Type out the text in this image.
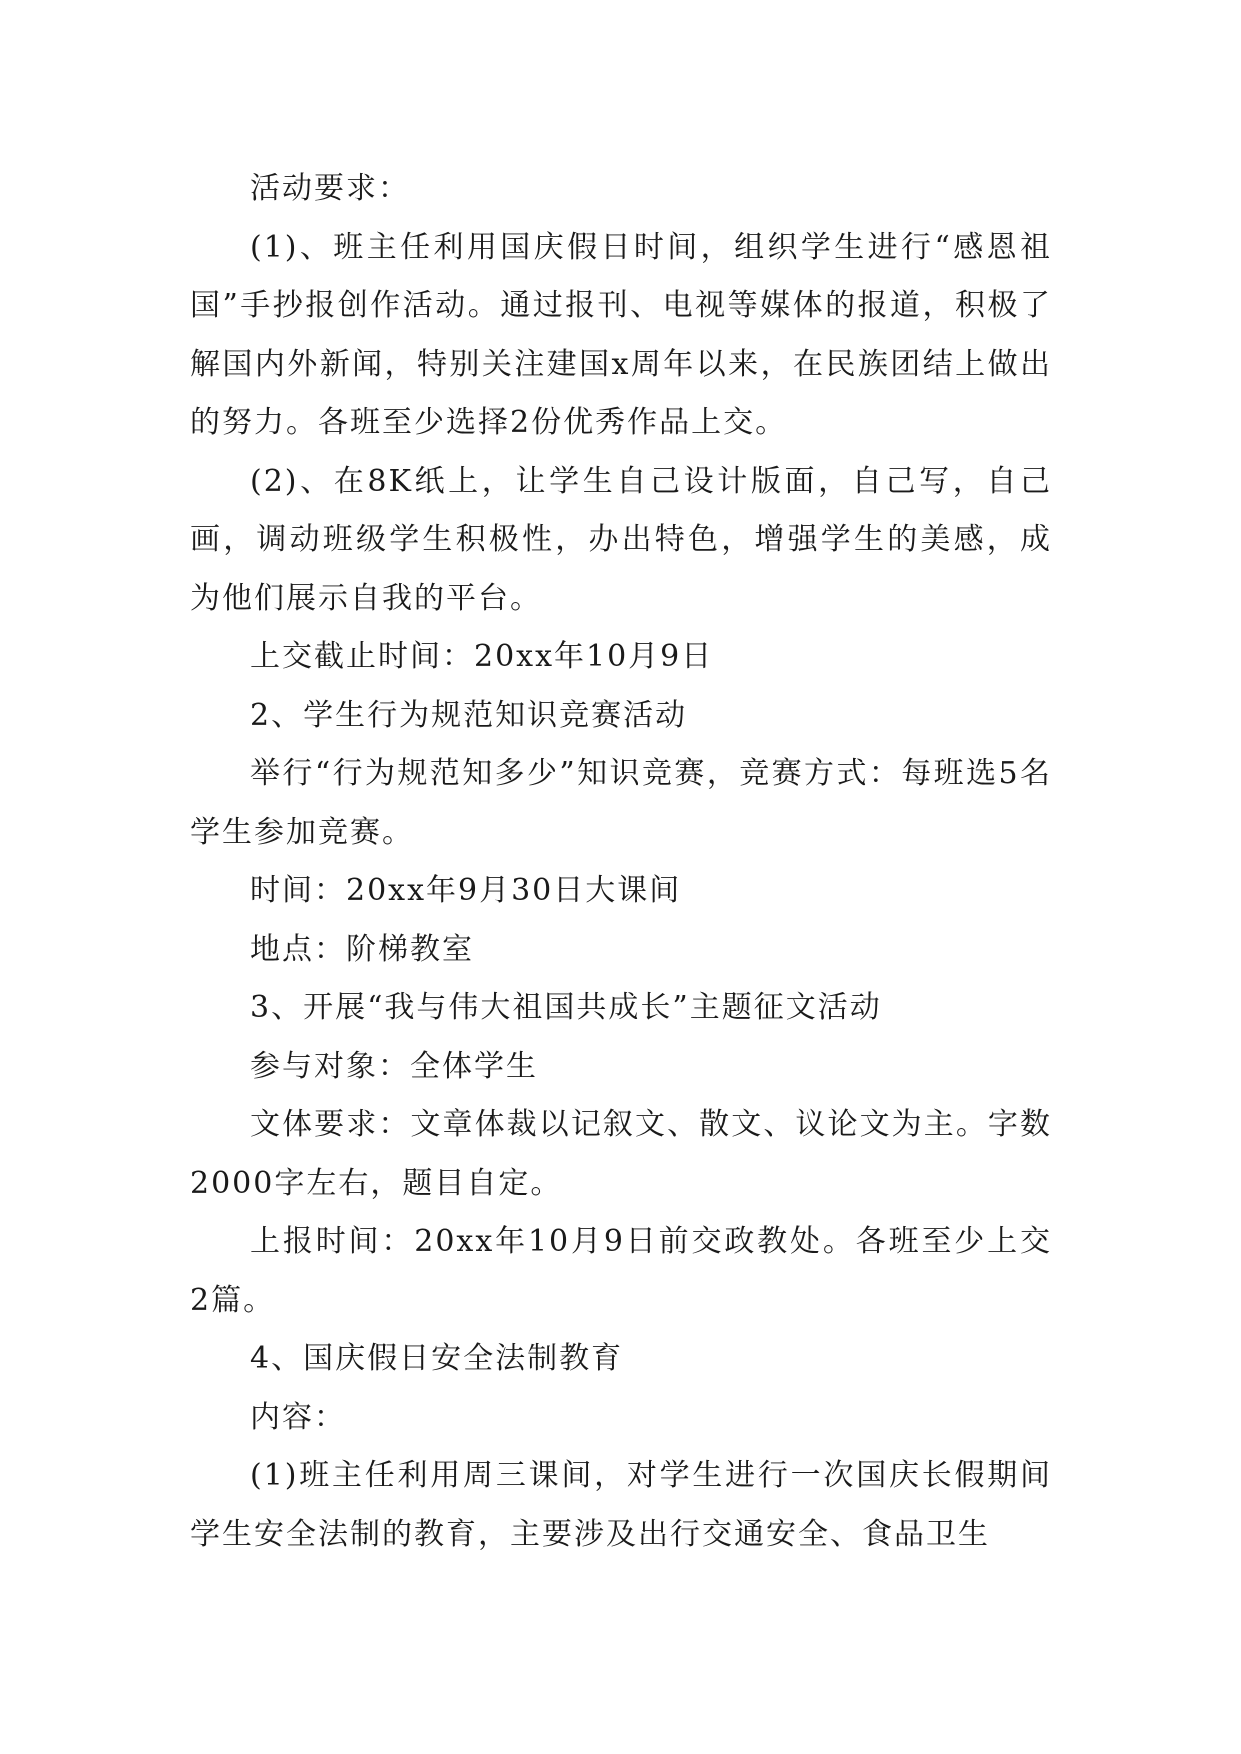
活动要求：

(1)、班主任利用国庆假日时间，组织学生进行“感恩祖国”手抄报创作活动。通过报刊、电视等媒体的报道，积极了解国内外新闻，特别关注建国x周年以来，在民族团结上做出的努力。各班至少选择2份优秀作品上交。

(2)、在8K纸上，让学生自己设计版面，自己写，自己画，调动班级学生积极性，办出特色，增强学生的美感，成为他们展示自我的平台。

上交截止时间：20xx年10月9日

2、学生行为规范知识竞赛活动

举行“行为规范知多少”知识竞赛，竞赛方式：每班选5名学生参加竞赛。

时间：20xx年9月30日大课间

地点：阶梯教室

3、开展“我与伟大祖国共成长”主题征文活动

参与对象：全体学生

文体要求：文章体裁以记叙文、散文、议论文为主。字数2000字左右，题目自定。

上报时间：20xx年10月9日前交政教处。各班至少上交2篇。

4、国庆假日安全法制教育

内容：

(1)班主任利用周三课间，对学生进行一次国庆长假期间学生安全法制的教育，主要涉及出行交通安全、食品卫生
